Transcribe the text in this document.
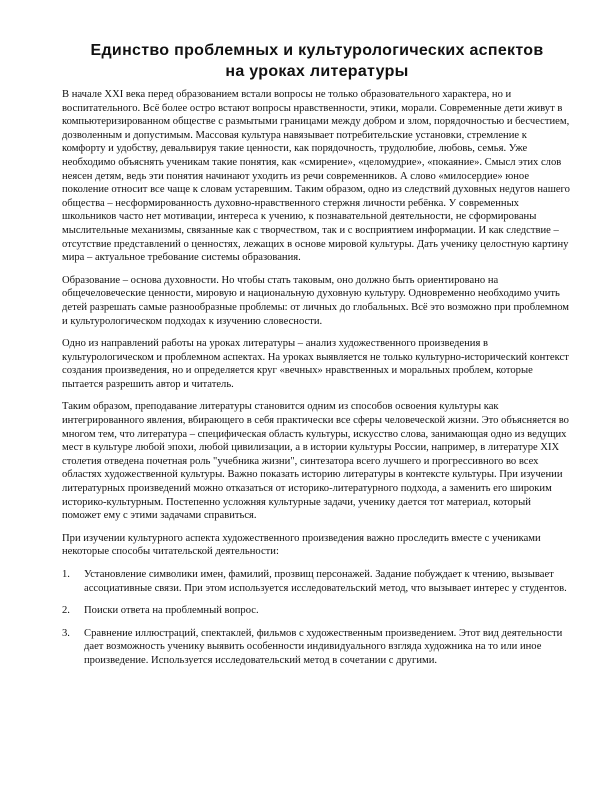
Единство проблемных и культурологических аспектов
на уроках литературы

В начале XXI века перед образованием встали вопросы не только образовательного характера, но и воспитательного. Всё более остро встают вопросы нравственности, этики, морали. Современные дети живут в компьютеризированном обществе с размытыми границами между добром и злом, порядочностью и бесчестием, дозволенным и допустимым. Массовая культура навязывает потребительские установки, стремление к комфорту и удобству, девальвируя такие ценности, как порядочность, трудолюбие, любовь, семья. Уже необходимо объяснять ученикам такие понятия, как «смирение», «целомудрие», «покаяние». Смысл этих слов неясен детям, ведь эти понятия начинают уходить из речи современников. А слово «милосердие» юное поколение относит все чаще к словам устаревшим. Таким образом, одно из следствий духовных недугов нашего общества – несформированность духовно-нравственного стержня личности ребёнка. У современных школьников часто нет мотивации, интереса к учению, к познавательной деятельности, не сформированы мыслительные механизмы, связанные как с творчеством, так и с восприятием информации. И как следствие – отсутствие представлений о ценностях, лежащих в основе мировой культуры. Дать ученику целостную картину мира – актуальное требование системы образования.

Образование – основа духовности. Но чтобы стать таковым, оно должно быть ориентировано на общечеловеческие ценности, мировую и национальную духовную культуру. Одновременно необходимо учить детей разрешать самые разнообразные проблемы: от личных до глобальных. Всё это возможно при проблемном и культурологическом подходах к изучению словесности.

Одно из направлений работы на уроках литературы – анализ художественного произведения в культурологическом и проблемном аспектах. На уроках выявляется не только культурно-исторический контекст создания произведения, но и определяется круг «вечных» нравственных и моральных проблем, которые пытается разрешить автор и читатель.

Таким образом, преподавание литературы становится одним из способов освоения культуры как интегрированного явления, вбирающего в себя практически все сферы человеческой жизни. Это объясняется во многом тем, что литература – специфическая область культуры, искусство слова, занимающая одно из ведущих мест в культуре любой эпохи, любой цивилизации, а в истории культуры России, например, в литературе XIX столетия отведена почетная роль "учебника жизни", синтезатора всего лучшего и прогрессивного во всех областях художественной культуры. Важно показать историю литературы в контексте культуры. При изучении литературных произведений можно отказаться от историко-литературного подхода, а заменить его широким историко-культурным. Постепенно усложняя культурные задачи, ученику дается тот материал, который поможет ему с этими задачами справиться.

При изучении культурного аспекта художественного произведения важно проследить вместе с учениками некоторые способы читательской деятельности:

1. Установление символики имен, фамилий, прозвищ персонажей. Задание побуждает к чтению, вызывает ассоциативные связи. При этом используется исследовательский метод, что вызывает интерес у студентов.
2. Поиски ответа на проблемный вопрос.
3. Сравнение иллюстраций, спектаклей, фильмов с художественным произведением. Этот вид деятельности дает возможность ученику выявить особенности индивидуального взгляда художника на то или иное произведение. Используется исследовательский метод в сочетании с другими.
